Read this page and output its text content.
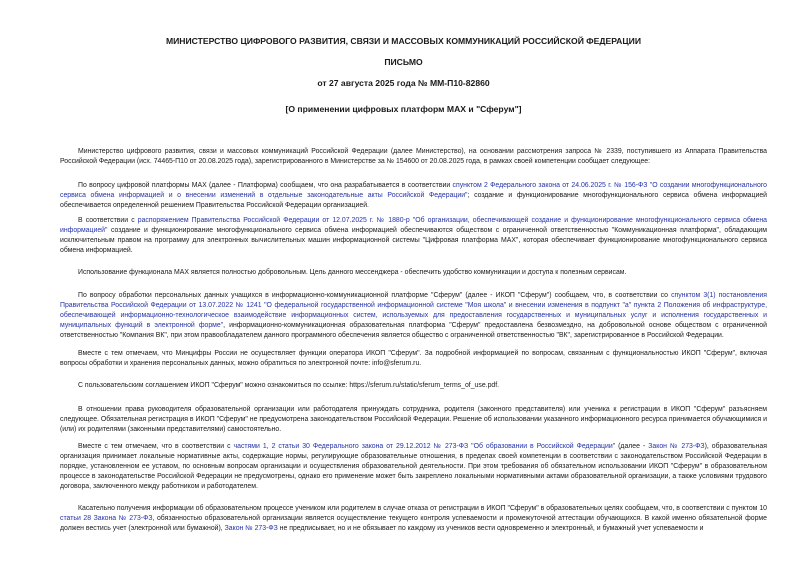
МИНИСТЕРСТВО ЦИФРОВОГО РАЗВИТИЯ, СВЯЗИ И МАССОВЫХ КОММУНИКАЦИЙ РОССИЙСКОЙ ФЕДЕРАЦИИ
ПИСЬМО
от 27 августа 2025 года № ММ-П10-82860
[О применении цифровых платформ MAX и "Сферум"]

Министерство цифрового развития, связи и массовых коммуникаций Российской Федерации (далее Министерство), на основании рассмотрения запроса № 2339, поступившего из Аппарата Правительства Российской Федерации (исх. 74465-П10 от 20.08.2025 года), зарегистрированного в Министерстве за № 154600 от 20.08.2025 года, в рамках своей компетенции сообщает следующее:

По вопросу цифровой платформы MAX (далее - Платформа) сообщаем, что она разрабатывается в соответствии спунктом 2 Федерального закона от 24.06.2025 г. № 156-ФЗ "О создании многофункционального сервиса обмена информацией и о внесении изменений в отдельные законодательные акты Российской Федерации"; создание и функционирование многофункционального сервиса обмена информацией обеспечивается определенной решением Правительства Российской Федерации организацией.

В соответствии с распоряжением Правительства Российской Федерации от 12.07.2025 г. № 1880-р "Об организации, обеспечивающей создание и функционирование многофункционального сервиса обмена информацией" создание и функционирование многофункционального сервиса обмена информацией обеспечиваются обществом с ограниченной ответственностью "Коммуникационная платформа", обладающим исключительным правом на программу для электронных вычислительных машин информационной системы "Цифровая платформа MAX", которая обеспечивает функционирование многофункционального сервиса обмена информацией.

Использование функционала MAX является полностью добровольным. Цель данного мессенджера - обеспечить удобство коммуникации и доступа к полезным сервисам.

По вопросу обработки персональных данных учащихся в информационно-коммуникационной платформе "Сферум" (далее - ИКОП "Сферум") сообщаем, что, в соответствии со спунктом 3(1) постановления Правительства Российской Федерации от 13.07.2022 № 1241 "О федеральной государственной информационной системе "Моя школа" и внесении изменения в подпункт "а" пункта 2 Положения об инфраструктуре, обеспечивающей информационно-технологическое взаимодействие информационных систем, используемых для предоставления государственных и муниципальных услуг и исполнения государственных и муниципальных функций в электронной форме", информационно-коммуникационная образовательная платформа "Сферум" предоставлена безвозмездно, на добровольной основе обществом с ограниченной ответственностью "Компания ВК", при этом правообладателем данного программного обеспечения является общество с ограниченной ответственностью "ВК", зарегистрированное в Российской Федерации.

Вместе с тем отмечаем, что Минцифры России не осуществляет функции оператора ИКОП "Сферум". За подробной информацией по вопросам, связанным с функциональностью ИКОП "Сферум", включая вопросы обработки и хранения персональных данных, можно обратиться по электронной почте: info@sferum.ru.

С пользовательским соглашением ИКОП "Сферум" можно ознакомиться по ссылке: https://sferum.ru/static/sferum_terms_of_use.pdf.

В отношении права руководителя образовательной организации или работодателя принуждать сотрудника, родителя (законного представителя) или ученика к регистрации в ИКОП "Сферум" разъясняем следующее. Обязательная регистрация в ИКОП "Сферум" не предусмотрена законодательством Российской Федерации. Решение об использовании указанного информационного ресурса принимается обучающимися и (или) их родителями (законными представителями) самостоятельно.

Вместе с тем отмечаем, что в соответствии с частями 1, 2 статьи 30 Федерального закона от 29.12.2012 № 273-ФЗ "Об образовании в Российской Федерации" (далее - Закон № 273-ФЗ), образовательная организация принимает локальные нормативные акты, содержащие нормы, регулирующие образовательные отношения, в пределах своей компетенции в соответствии с законодательством Российской Федерации в порядке, установленном ее уставом, по основным вопросам организации и осуществления образовательной деятельности. При этом требования об обязательном использовании ИКОП "Сферум" в образовательном процессе в законодательстве Российской Федерации не предусмотрены, однако его применение может быть закреплено локальными нормативными актами образовательной организации, а также условиями трудового договора, заключенного между работником и работодателем.

Касательно получения информации об образовательном процессе учеником или родителем в случае отказа от регистрации в ИКОП "Сферум" в образовательных целях сообщаем, что, в соответствии с пунктом 10 статьи 28 Закона № 273-ФЗ, обязанностью образовательной организации является осуществление текущего контроля успеваемости и промежуточной аттестации обучающихся. В какой именно обязательной форме должен вестись учет (электронной или бумажной), Закон № 273-ФЗ не предписывает, но и не обязывает по каждому из учеников вести одновременно и электронный, и бумажный учет успеваемости и
